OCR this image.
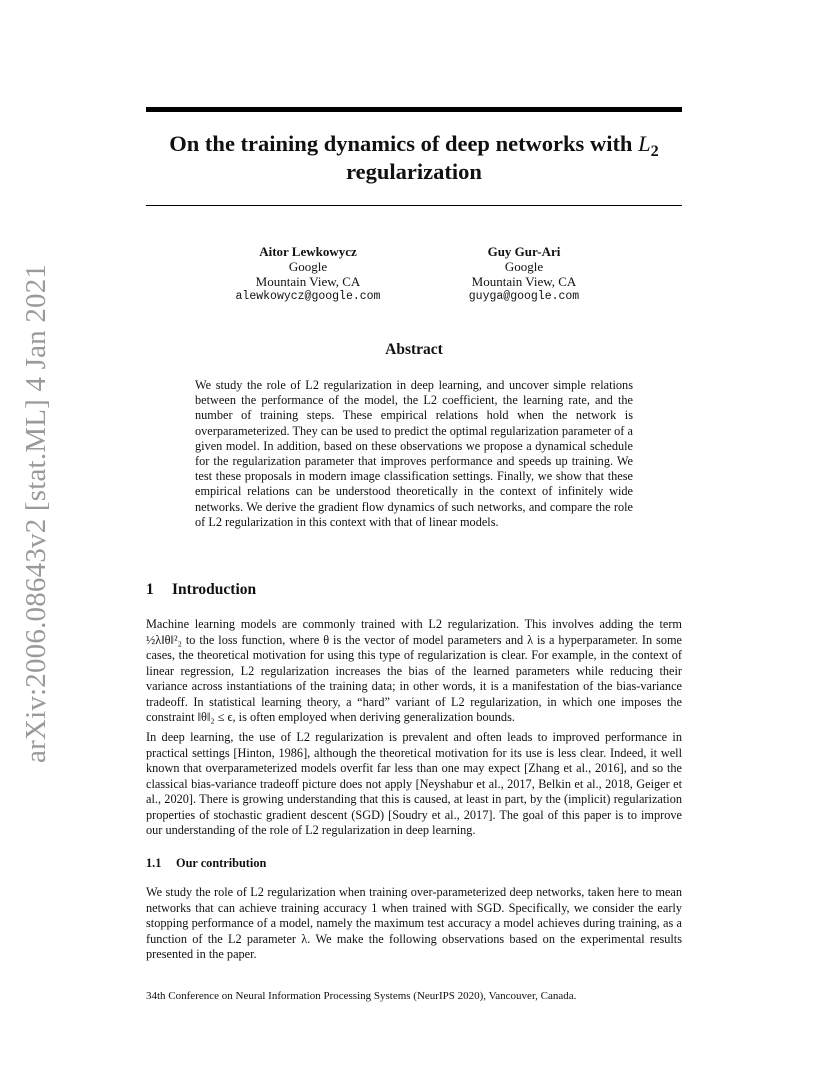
arXiv:2006.08643v2 [stat.ML] 4 Jan 2021
On the training dynamics of deep networks with $L_2$
regularization
Aitor Lewkowycz
Google
Mountain View, CA
alewkowycz@google.com
Guy Gur-Ari
Google
Mountain View, CA
guyga@google.com
Abstract
We study the role of L2 regularization in deep learning, and uncover simple relations between the performance of the model, the L2 coefficient, the learning rate, and the number of training steps. These empirical relations hold when the network is overparameterized. They can be used to predict the optimal regularization parameter of a given model. In addition, based on these observations we propose a dynamical schedule for the regularization parameter that improves performance and speeds up training. We test these proposals in modern image classification settings. Finally, we show that these empirical relations can be understood theoretically in the context of infinitely wide networks. We derive the gradient flow dynamics of such networks, and compare the role of L2 regularization in this context with that of linear models.
1 Introduction
Machine learning models are commonly trained with L2 regularization. This involves adding the term ½λ‖θ‖²₂ to the loss function, where θ is the vector of model parameters and λ is a hyperparameter. In some cases, the theoretical motivation for using this type of regularization is clear. For example, in the context of linear regression, L2 regularization increases the bias of the learned parameters while reducing their variance across instantiations of the training data; in other words, it is a manifestation of the bias-variance tradeoff. In statistical learning theory, a “hard” variant of L2 regularization, in which one imposes the constraint ‖θ‖₂ ≤ ϵ, is often employed when deriving generalization bounds.
In deep learning, the use of L2 regularization is prevalent and often leads to improved performance in practical settings [Hinton, 1986], although the theoretical motivation for its use is less clear. Indeed, it well known that overparameterized models overfit far less than one may expect [Zhang et al., 2016], and so the classical bias-variance tradeoff picture does not apply [Neyshabur et al., 2017, Belkin et al., 2018, Geiger et al., 2020]. There is growing understanding that this is caused, at least in part, by the (implicit) regularization properties of stochastic gradient descent (SGD) [Soudry et al., 2017]. The goal of this paper is to improve our understanding of the role of L2 regularization in deep learning.
1.1 Our contribution
We study the role of L2 regularization when training over-parameterized deep networks, taken here to mean networks that can achieve training accuracy 1 when trained with SGD. Specifically, we consider the early stopping performance of a model, namely the maximum test accuracy a model achieves during training, as a function of the L2 parameter λ. We make the following observations based on the experimental results presented in the paper.
34th Conference on Neural Information Processing Systems (NeurIPS 2020), Vancouver, Canada.
